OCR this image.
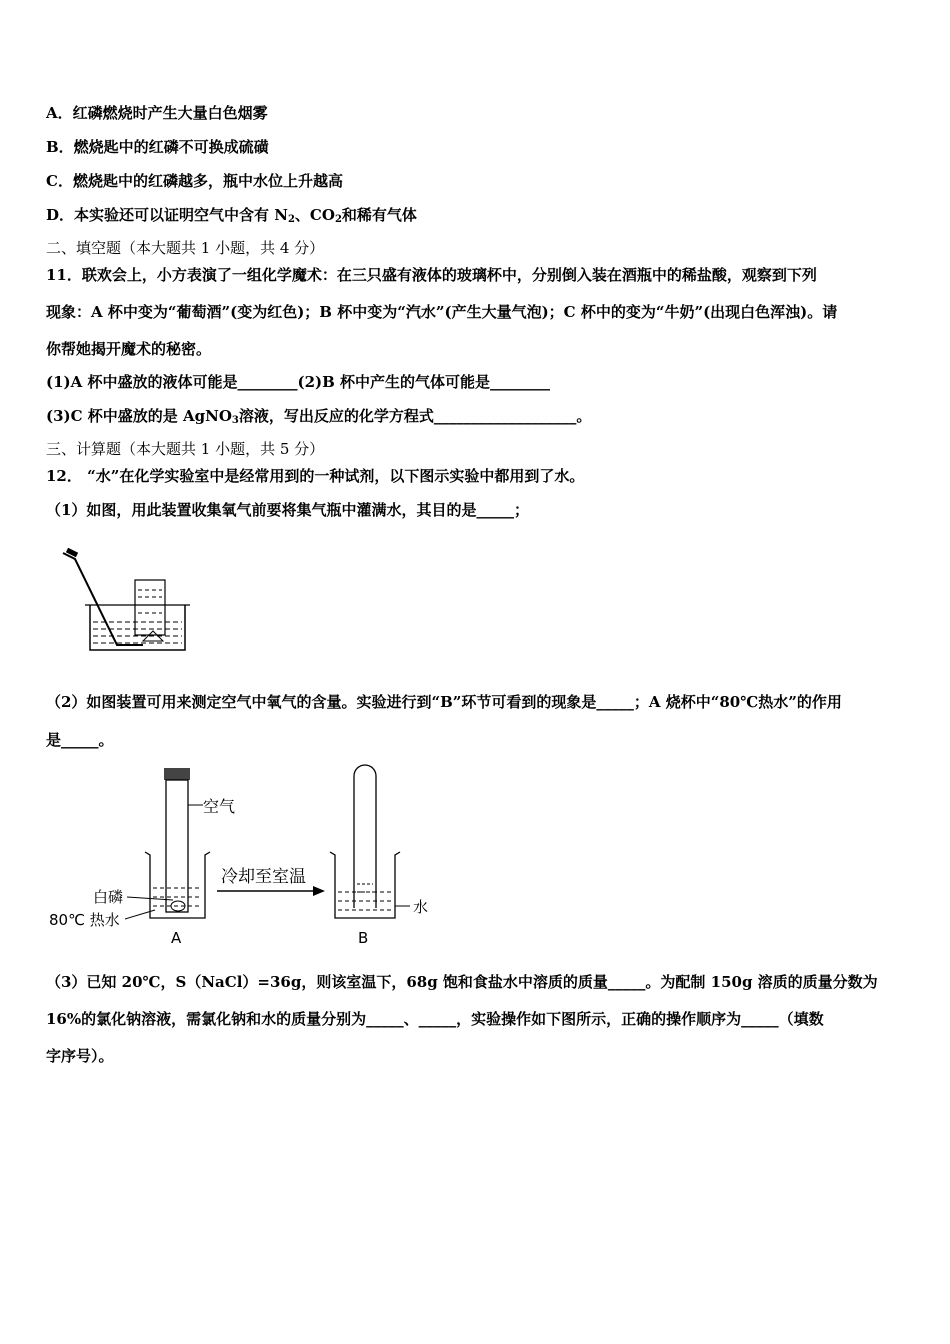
A．红磷燃烧时产生大量白色烟雾
B．燃烧匙中的红磷不可换成硫磺
C．燃烧匙中的红磷越多，瓶中水位上升越高
D．本实验还可以证明空气中含有 $N_2$、$CO_2$和稀有气体
二、填空题（本大题共 1 小题，共 4 分）
11．联欢会上，小方表演了一组化学魔术：在三只盛有液体的玻璃杯中，分别倒入装在酒瓶中的稀盐酸，观察到下列
现象：A 杯中变为“葡萄酒”(变为红色)；B 杯中变为“汽水”(产生大量气泡)；C 杯中的变为“牛奶”(出现白色浑浊)。请
你帮她揭开魔术的秘密。
(1)A 杯中盛放的液体可能是________(2)B 杯中产生的气体可能是________
(3)C 杯中盛放的是 AgNO$_3$溶液，写出反应的化学方程式___________________。
三、计算题（本大题共 1 小题，共 5 分）
12． “水”在化学实验室中是经常用到的一种试剂，以下图示实验中都用到了水。
（1）如图，用此装置收集氧气前要将集气瓶中灌满水，其目的是_____；
（2）如图装置可用来测定空气中氧气的含量。实验进行到“B”环节可看到的现象是_____；A 烧杯中“80℃热水”的作用
是_____。
空气
白磷
80℃ 热水
A
冷却至室温
水
B
（3）已知 20℃，S（NaCl）=36g，则该室温下，68g 饱和食盐水中溶质的质量_____。为配制 150g 溶质的质量分数为
16%的氯化钠溶液，需氯化钠和水的质量分别为_____、_____，实验操作如下图所示，正确的操作顺序为_____（填数
字序号）。
